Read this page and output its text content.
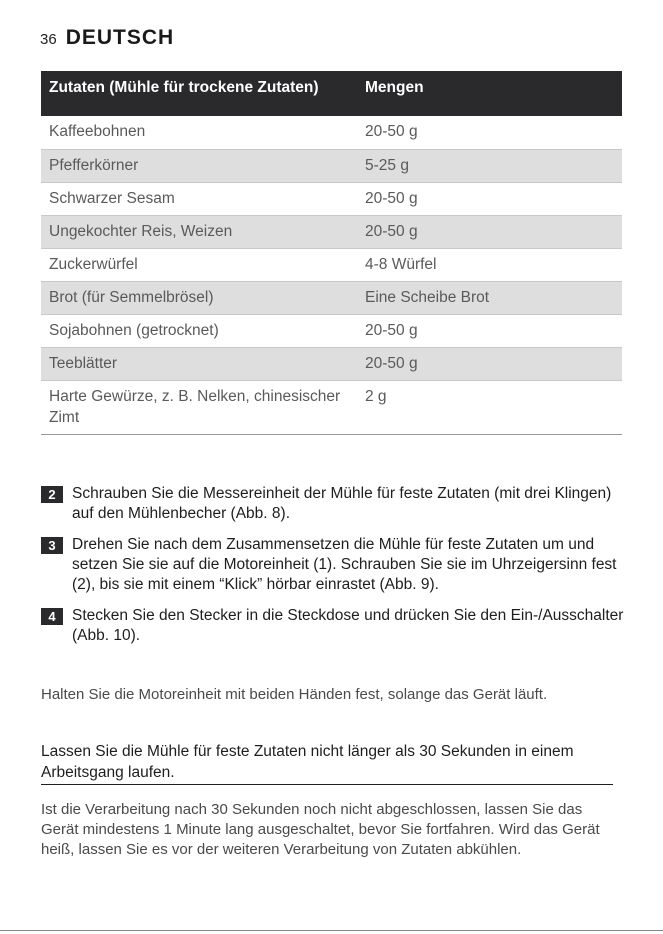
36 DEUTSCH
Zutaten (Mühle für trockene Zutaten)	Mengen
Kaffeebohnen	20-50 g
Pfefferkörner	5-25 g
Schwarzer Sesam	20-50 g
Ungekochter Reis, Weizen	20-50 g
Zuckerwürfel	4-8 Würfel
Brot (für Semmelbrösel)	Eine Scheibe Brot
Sojabohnen (getrocknet)	20-50 g
Teeblätter	20-50 g
Harte Gewürze, z. B. Nelken, chinesischer Zimt	2 g
2	Schrauben Sie die Messereinheit der Mühle für feste Zutaten (mit drei Klingen) auf den Mühlenbecher (Abb. 8).
3	Drehen Sie nach dem Zusammensetzen die Mühle für feste Zutaten um und setzen Sie sie auf die Motoreinheit (1). Schrauben Sie sie im Uhrzeigersinn fest (2), bis sie mit einem “Klick” hörbar einrastet (Abb. 9).
4	Stecken Sie den Stecker in die Steckdose und drücken Sie den Ein-/Ausschalter (Abb. 10).
Halten Sie die Motoreinheit mit beiden Händen fest, solange das Gerät läuft.
Lassen Sie die Mühle für feste Zutaten nicht länger als 30 Sekunden in einem Arbeitsgang laufen.
Ist die Verarbeitung nach 30 Sekunden noch nicht abgeschlossen, lassen Sie das Gerät mindestens 1 Minute lang ausgeschaltet, bevor Sie fortfahren. Wird das Gerät heiß, lassen Sie es vor der weiteren Verarbeitung von Zutaten abkühlen.
